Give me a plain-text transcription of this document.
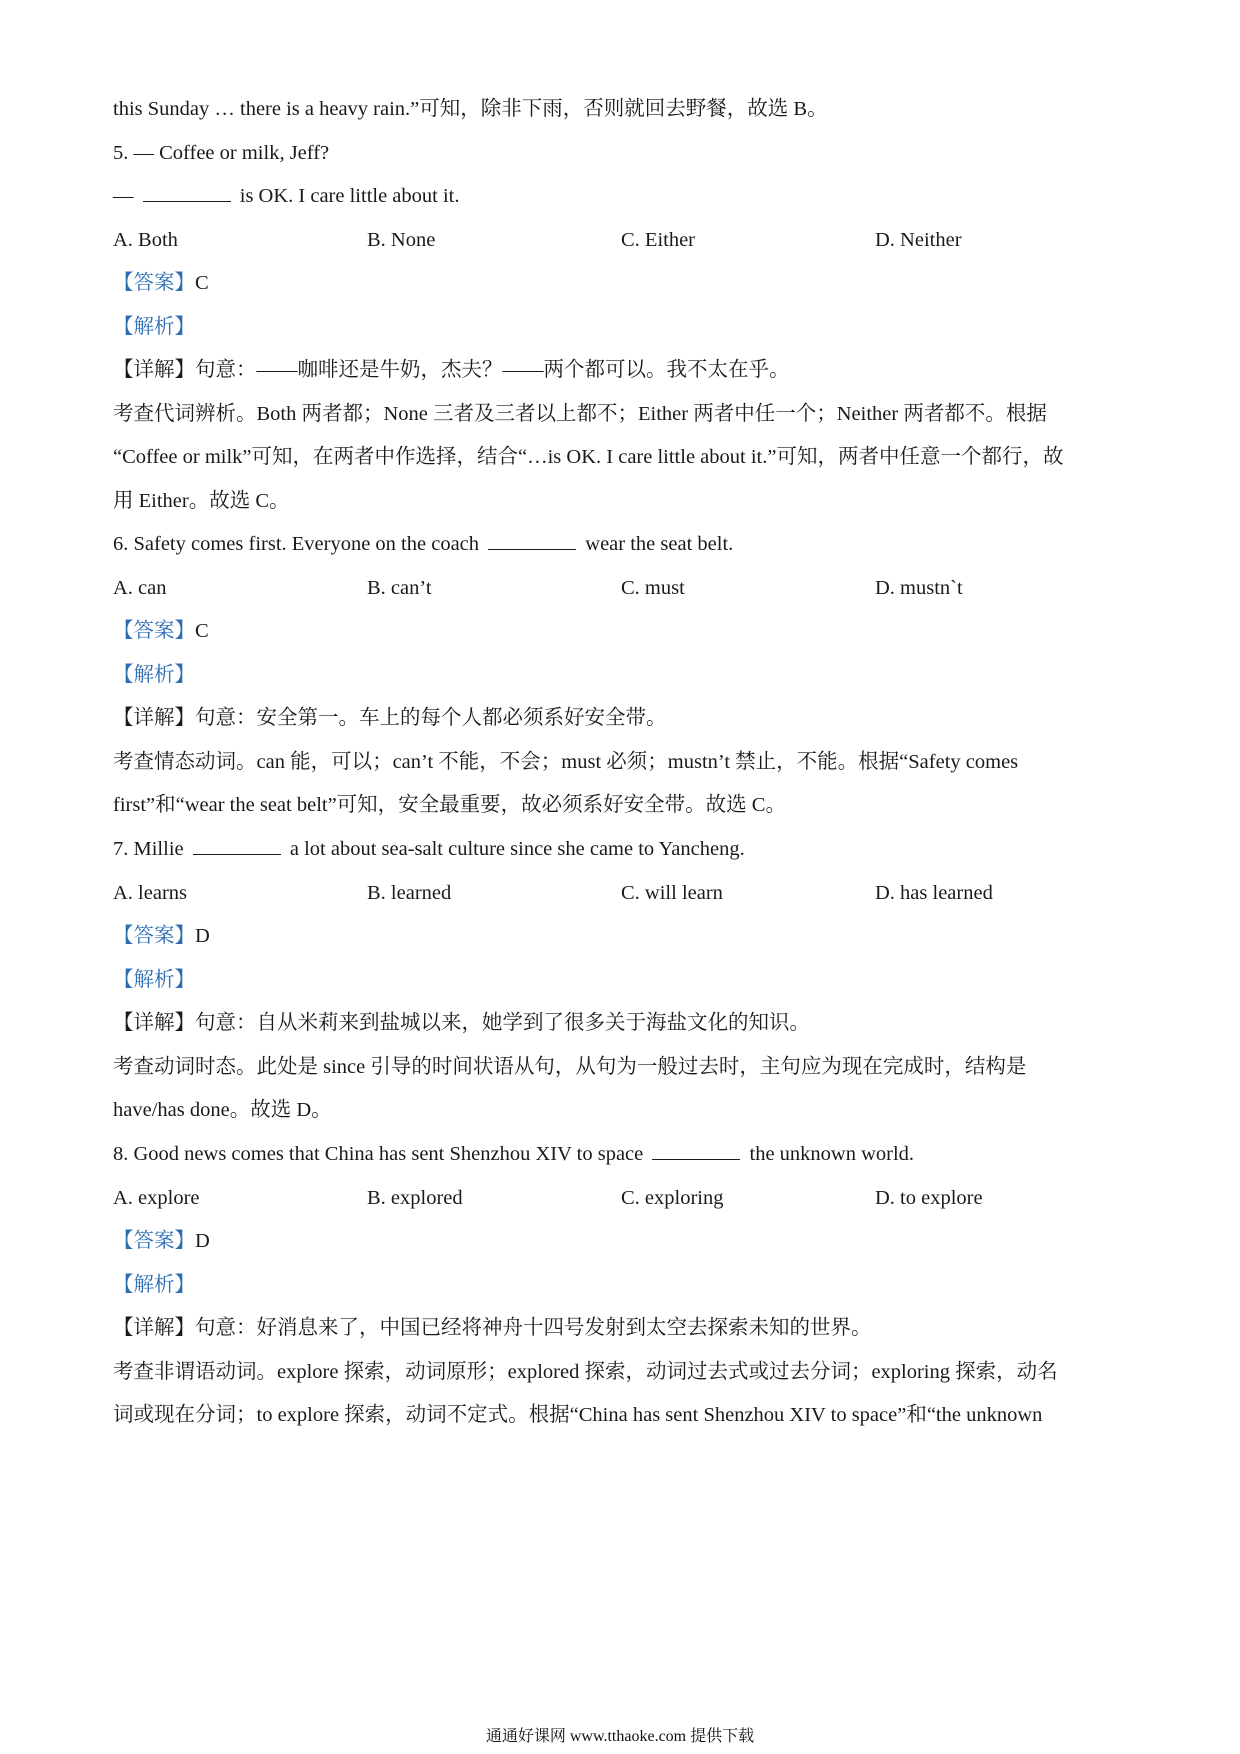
this Sunday … there is a heavy rain.”可知，除非下雨，否则就回去野餐，故选 B。
5. — Coffee or milk, Jeff?
—	is OK. I care little about it.
A. Both	B. None	C. Either	D. Neither
【答案】C
【解析】
【详解】句意：——咖啡还是牛奶，杰夫？——两个都可以。我不太在乎。
考查代词辨析。Both 两者都；None 三者及三者以上都不；Either 两者中任一个；Neither 两者都不。根据
“Coffee or milk”可知，在两者中作选择，结合“…is OK. I care little about it.”可知，两者中任意一个都行，故
用 Either。故选 C。
6. Safety comes first. Everyone on the coach	wear the seat belt.
A. can	B. can’t	C. must	D. mustn`t
【答案】C
【解析】
【详解】句意：安全第一。车上的每个人都必须系好安全带。
考查情态动词。can 能，可以；can’t 不能，不会；must 必须；mustn’t 禁止，不能。根据“Safety comes
first”和“wear the seat belt”可知，安全最重要，故必须系好安全带。故选 C。
7. Millie	a lot about sea-salt culture since she came to Yancheng.
A. learns	B. learned	C. will learn	D. has learned
【答案】D
【解析】
【详解】句意：自从米莉来到盐城以来，她学到了很多关于海盐文化的知识。
考查动词时态。此处是 since 引导的时间状语从句，从句为一般过去时，主句应为现在完成时，结构是
have/has done。故选 D。
8. Good news comes that China has sent Shenzhou XIV to space	the unknown world.
A. explore	B. explored	C. exploring	D. to explore
【答案】D
【解析】
【详解】句意：好消息来了，中国已经将神舟十四号发射到太空去探索未知的世界。
考查非谓语动词。explore 探索，动词原形；explored 探索，动词过去式或过去分词；exploring 探索，动名
词或现在分词；to explore 探索，动词不定式。根据“China has sent Shenzhou XIV to space”和“the unknown
通通好课网 www.tthaoke.com 提供下载
